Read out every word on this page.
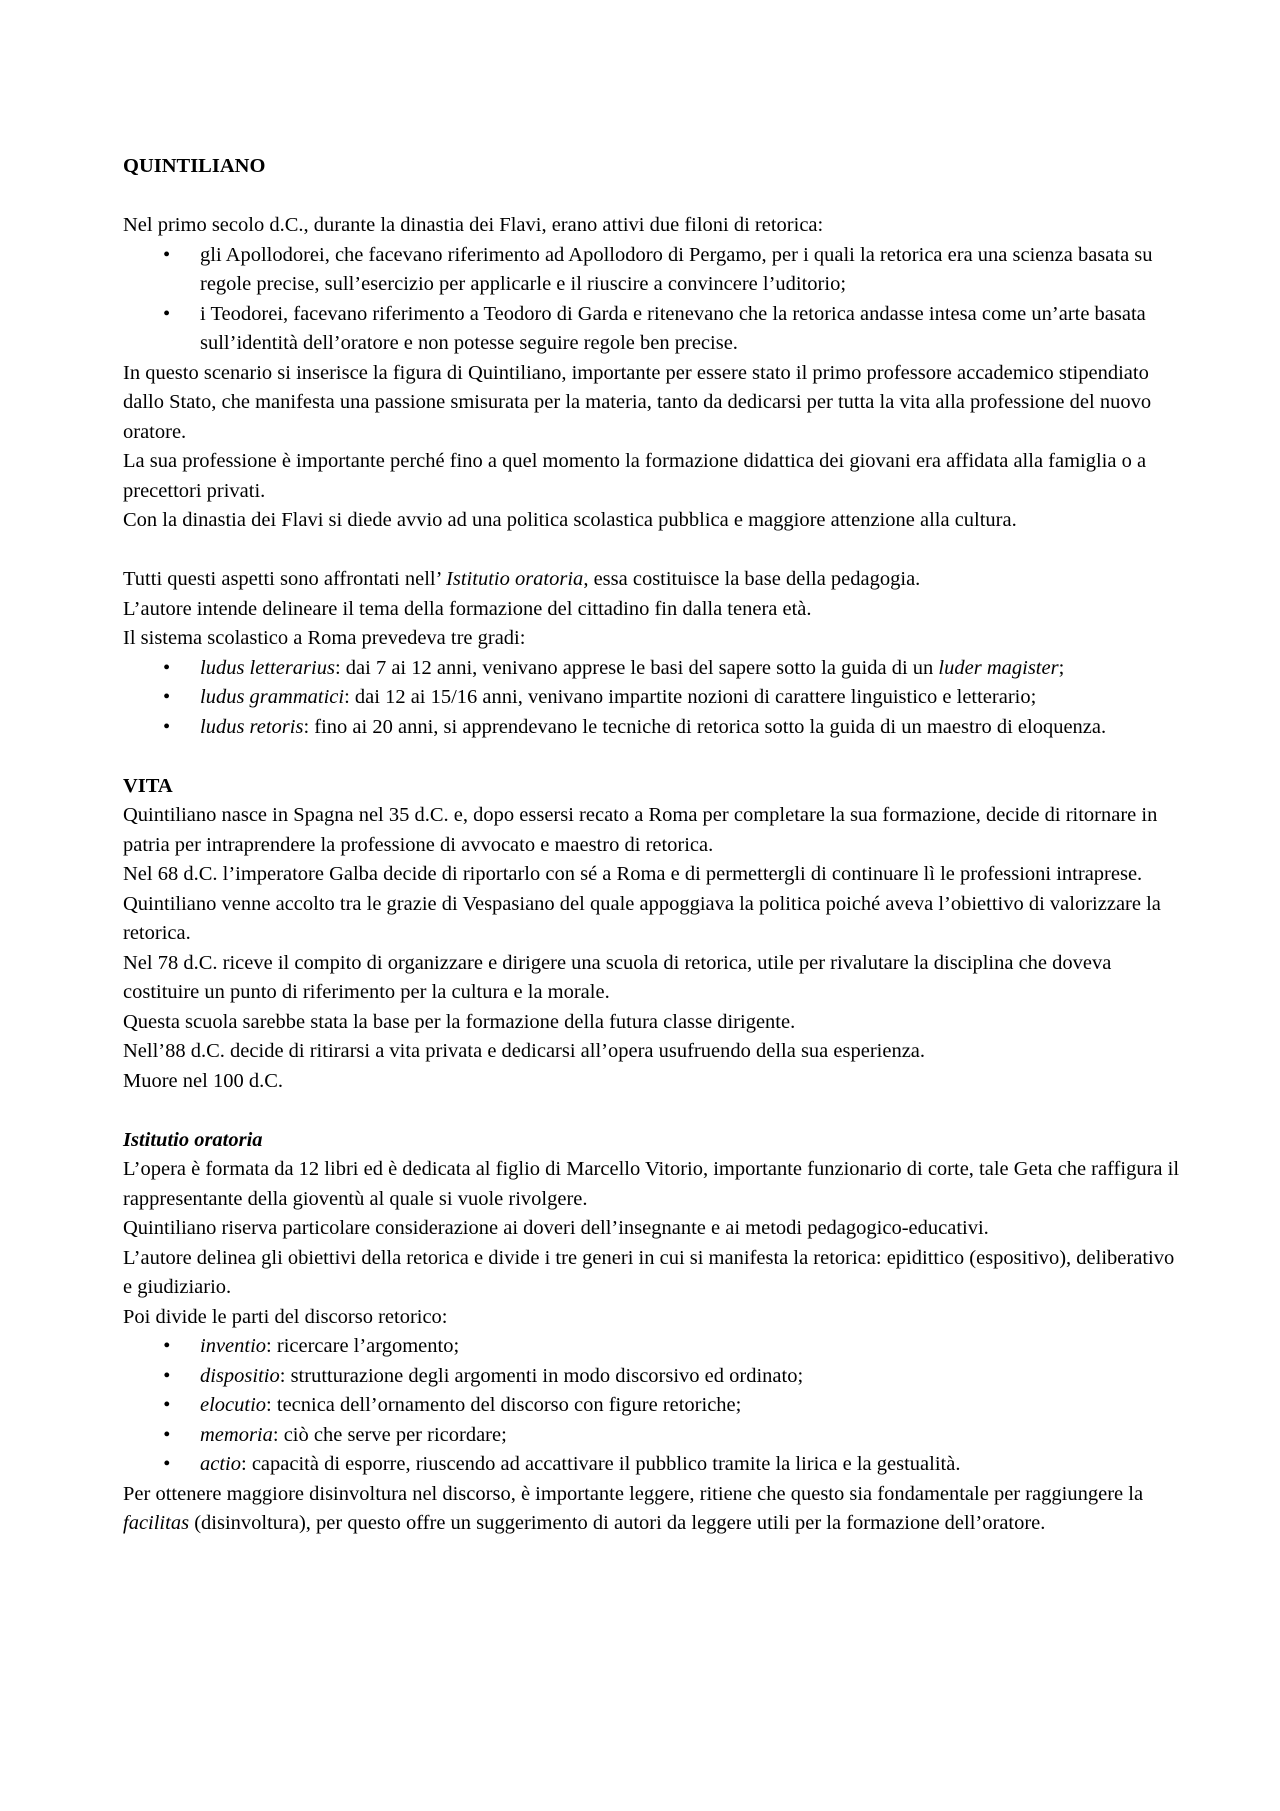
QUINTILIANO

Nel primo secolo d.C., durante la dinastia dei Flavi, erano attivi due filoni di retorica:

• gli Apollodorei, che facevano riferimento ad Apollodoro di Pergamo, per i quali la retorica era una scienza basata su regole precise, sull’esercizio per applicarle e il riuscire a convincere l’uditorio;
• i Teodorei, facevano riferimento a Teodoro di Garda e ritenevano che la retorica andasse intesa come un’arte basata sull’identità dell’oratore e non potesse seguire regole ben precise.

In questo scenario si inserisce la figura di Quintiliano, importante per essere stato il primo professore accademico stipendiato dallo Stato, che manifesta una passione smisurata per la materia, tanto da dedicarsi per tutta la vita alla professione del nuovo oratore.

La sua professione è importante perché fino a quel momento la formazione didattica dei giovani era affidata alla famiglia o a precettori privati.

Con la dinastia dei Flavi si diede avvio ad una politica scolastica pubblica e maggiore attenzione alla cultura.

Tutti questi aspetti sono affrontati nell’ Istitutio oratoria, essa costituisce la base della pedagogia.

L’autore intende delineare il tema della formazione del cittadino fin dalla tenera età.

Il sistema scolastico a Roma prevedeva tre gradi:

• ludus letterarius: dai 7 ai 12 anni, venivano apprese le basi del sapere sotto la guida di un luder magister;
• ludus grammatici: dai 12 ai 15/16 anni, venivano impartite nozioni di carattere linguistico e letterario;
• ludus retoris: fino ai 20 anni, si apprendevano le tecniche di retorica sotto la guida di un maestro di eloquenza.

VITA

Quintiliano nasce in Spagna nel 35 d.C. e, dopo essersi recato a Roma per completare la sua formazione, decide di ritornare in patria per intraprendere la professione di avvocato e maestro di retorica.

Nel 68 d.C. l’imperatore Galba decide di riportarlo con sé a Roma e di permettergli di continuare lì le professioni intraprese.

Quintiliano venne accolto tra le grazie di Vespasiano del quale appoggiava la politica poiché aveva l’obiettivo di valorizzare la retorica.

Nel 78 d.C. riceve il compito di organizzare e dirigere una scuola di retorica, utile per rivalutare la disciplina che doveva costituire un punto di riferimento per la cultura e la morale.

Questa scuola sarebbe stata la base per la formazione della futura classe dirigente.

Nell’88 d.C. decide di ritirarsi a vita privata e dedicarsi all’opera usufruendo della sua esperienza.

Muore nel 100 d.C.

Istitutio oratoria

L’opera è formata da 12 libri ed è dedicata al figlio di Marcello Vitorio, importante funzionario di corte, tale Geta che raffigura il rappresentante della gioventù al quale si vuole rivolgere.

Quintiliano riserva particolare considerazione ai doveri dell’insegnante e ai metodi pedagogico-educativi.

L’autore delinea gli obiettivi della retorica e divide i tre generi in cui si manifesta la retorica: epidittico (espositivo), deliberativo e giudiziario.

Poi divide le parti del discorso retorico:

• inventio: ricercare l’argomento;
• dispositio: strutturazione degli argomenti in modo discorsivo ed ordinato;
• elocutio: tecnica dell’ornamento del discorso con figure retoriche;
• memoria: ciò che serve per ricordare;
• actio: capacità di esporre, riuscendo ad accattivare il pubblico tramite la lirica e la gestualità.

Per ottenere maggiore disinvoltura nel discorso, è importante leggere, ritiene che questo sia fondamentale per raggiungere la facilitas (disinvoltura), per questo offre un suggerimento di autori da leggere utili per la formazione dell’oratore.
